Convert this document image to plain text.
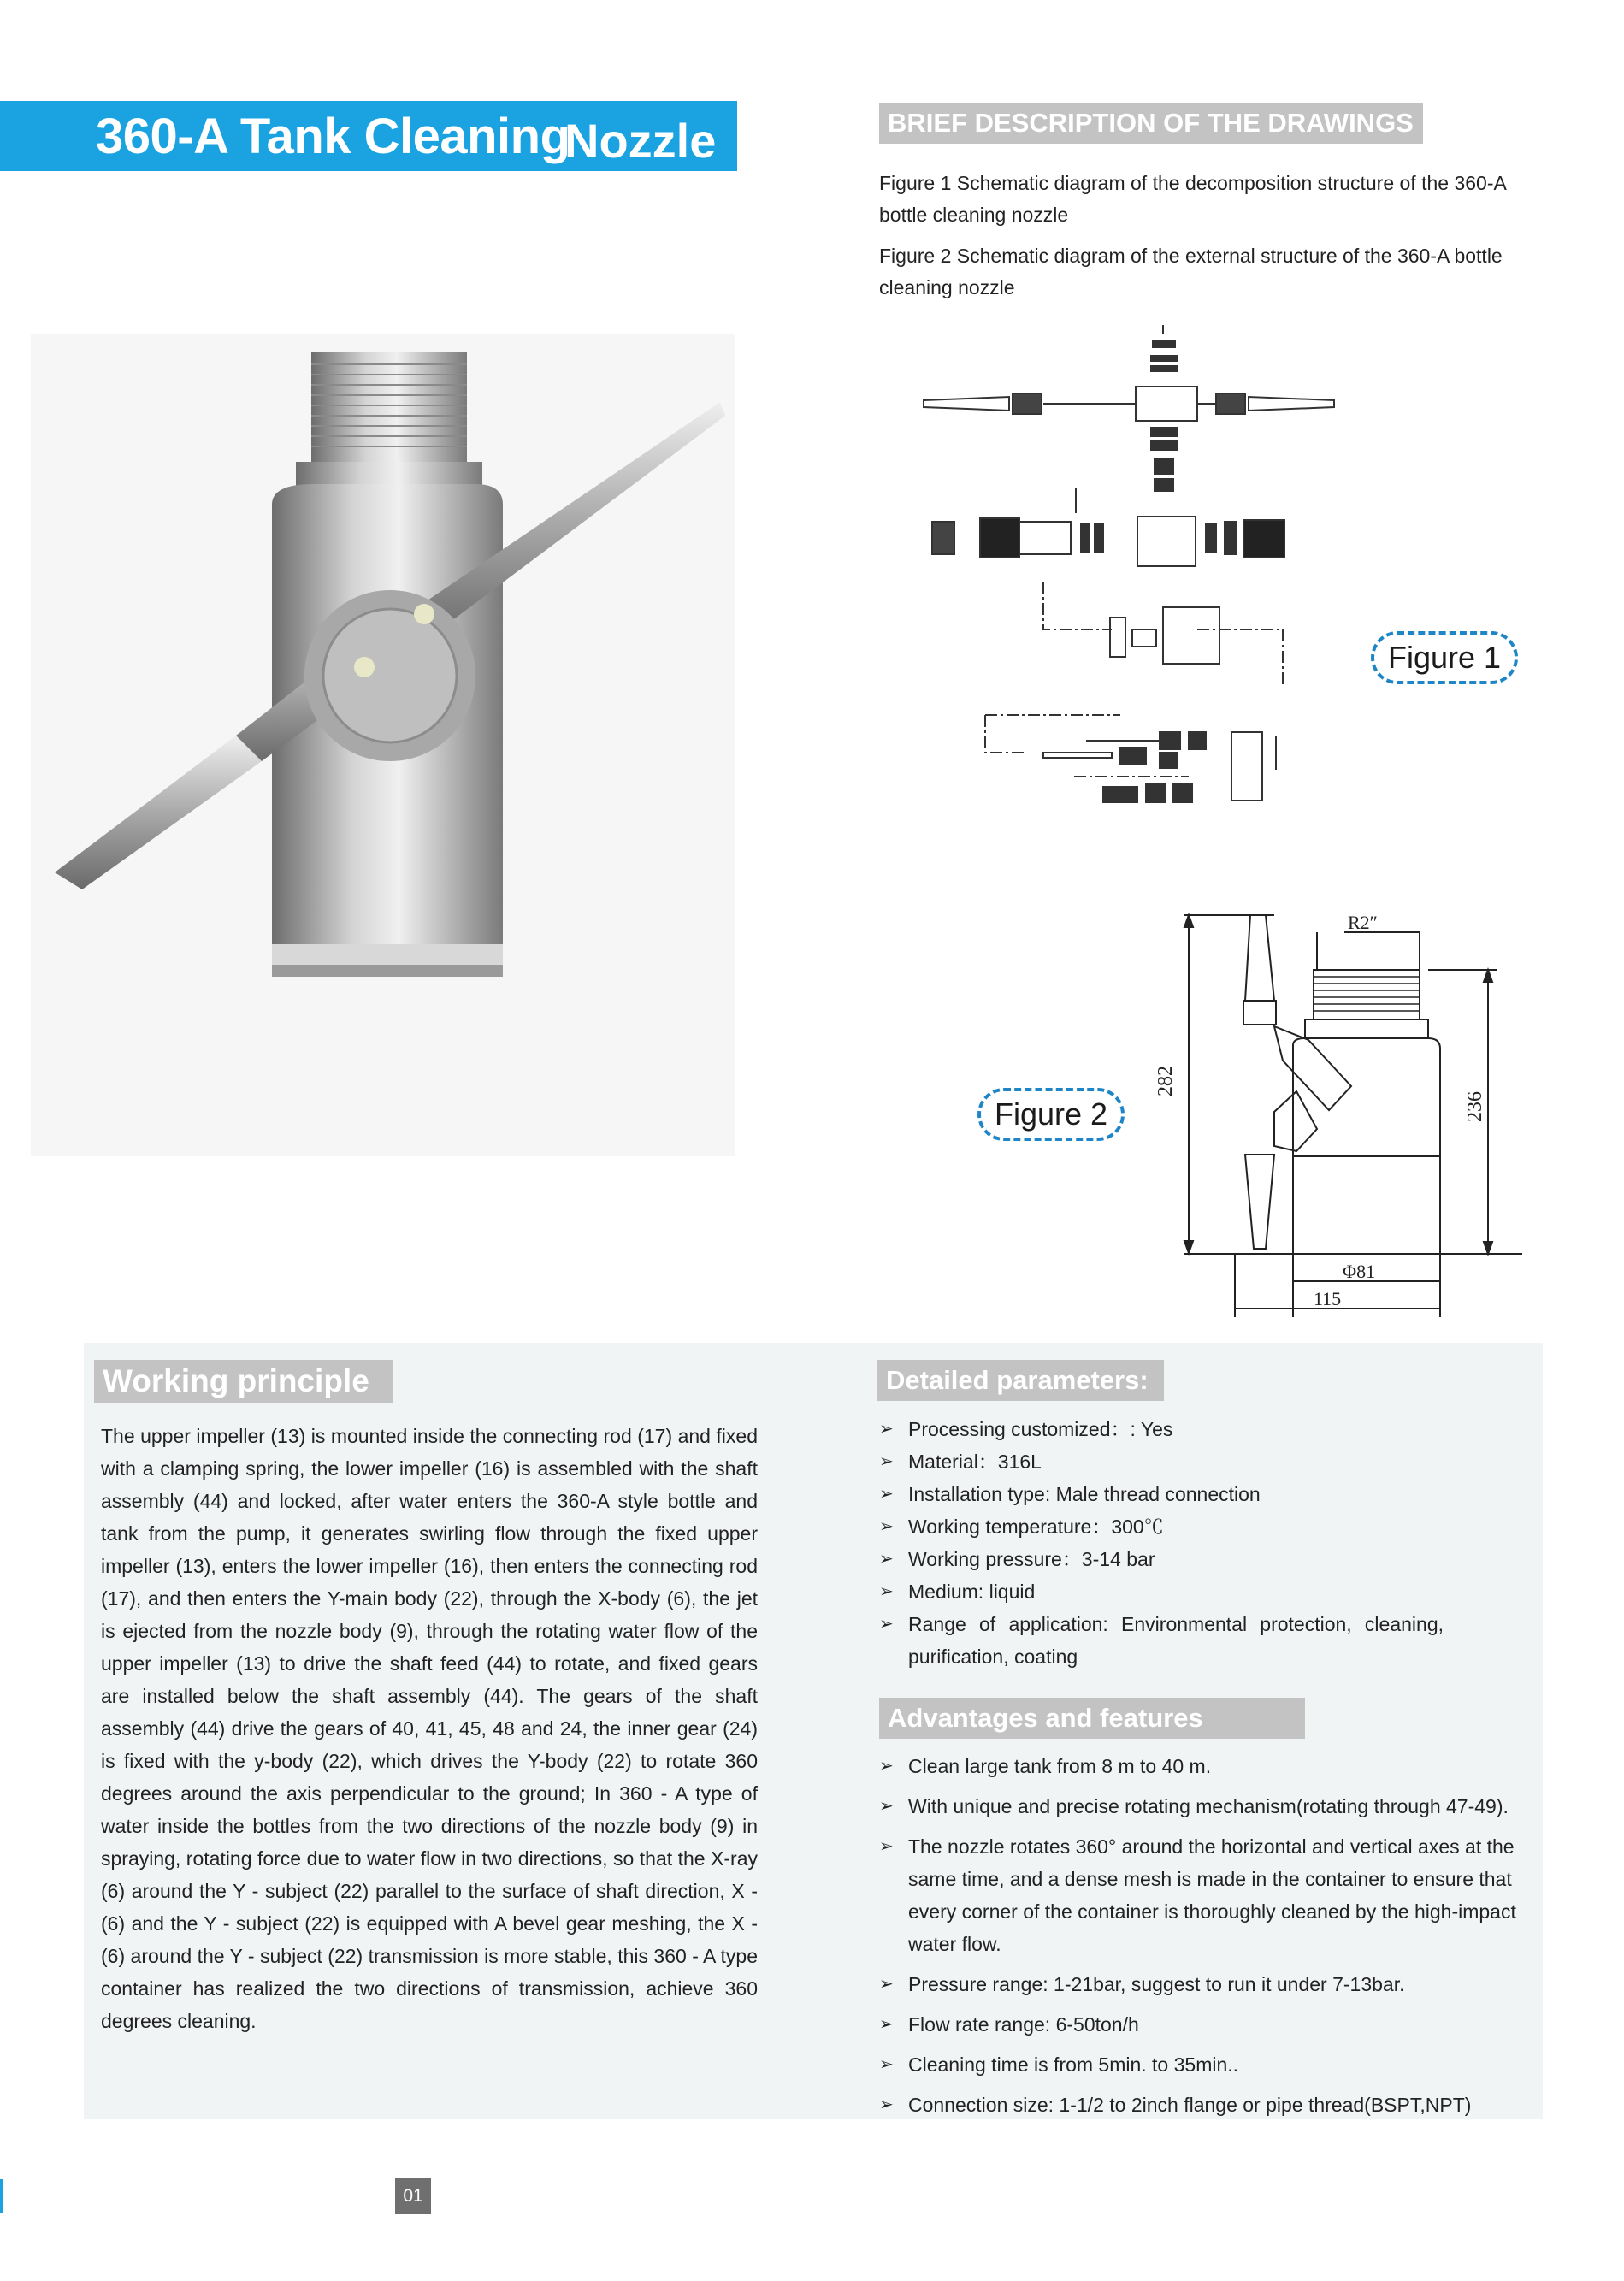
360-A Tank Cleaning
Nozzle	BRIEF DESCRIPTION OF THE DRAWINGS

Figure 1 Schematic diagram of the decomposition structure of the 360-A bottle cleaning nozzle

Figure 2 Schematic diagram of the external structure of the 360-A bottle cleaning nozzle

Figure 1
R2″
282
236
Φ81
115
Figure 2
Working principle

The upper impeller (13) is mounted inside the connecting rod (17) and fixed with a clamping spring, the lower impeller (16) is assembled with the shaft assembly (44) and locked, after water enters the 360-A style bottle and tank from the pump, it generates swirling flow through the fixed upper impeller (13), enters the lower impeller (16), then enters the connecting rod (17), and then enters the Y-main body (22), through the X-body (6), the jet is ejected from the nozzle body (9), through the rotating water flow of the upper impeller (13) to drive the shaft feed (44) to rotate, and fixed gears are installed below the shaft assembly (44). The gears of the shaft assembly (44) drive the gears of 40, 41, 45, 48 and 24, the inner gear (24) is fixed with the y-body (22), which drives the Y-body (22) to rotate 360 degrees around the axis perpendicular to the ground; In 360 - A type of water inside the bottles from the two directions of the nozzle body (9) in spraying, rotating force due to water flow in two directions, so that the X-ray (6) around the Y - subject (22) parallel to the surface of shaft direction, X - (6) and the Y - subject (22) is equipped with A bevel gear meshing, the X - (6) around the Y - subject (22) transmission is more stable, this 360 - A type container has realized the two directions of transmission, achieve 360 degrees cleaning.

Detailed parameters:
➢ Processing customized：: Yes
➢ Material：316L
➢ Installation type: Male thread connection
➢ Working temperature：300℃
➢ Working pressure：3-14 bar
➢ Medium: liquid
➢ Range of application: Environmental protection, cleaning, purification, coating
Advantages and features
➢ Clean large tank from 8 m to 40 m.
➢ With unique and precise rotating mechanism(rotating through 47-49).
➢ The nozzle rotates 360° around the horizontal and vertical axes at the same time, and a dense mesh is made in the container to ensure that every corner of the container is thoroughly cleaned by the high-impact water flow.
➢ Pressure range: 1-21bar, suggest to run it under 7-13bar.
➢ Flow rate range: 6-50ton/h
➢ Cleaning time is from 5min. to 35min..
➢ Connection size: 1-1/2 to 2inch flange or pipe thread(BSPT,NPT)
01
